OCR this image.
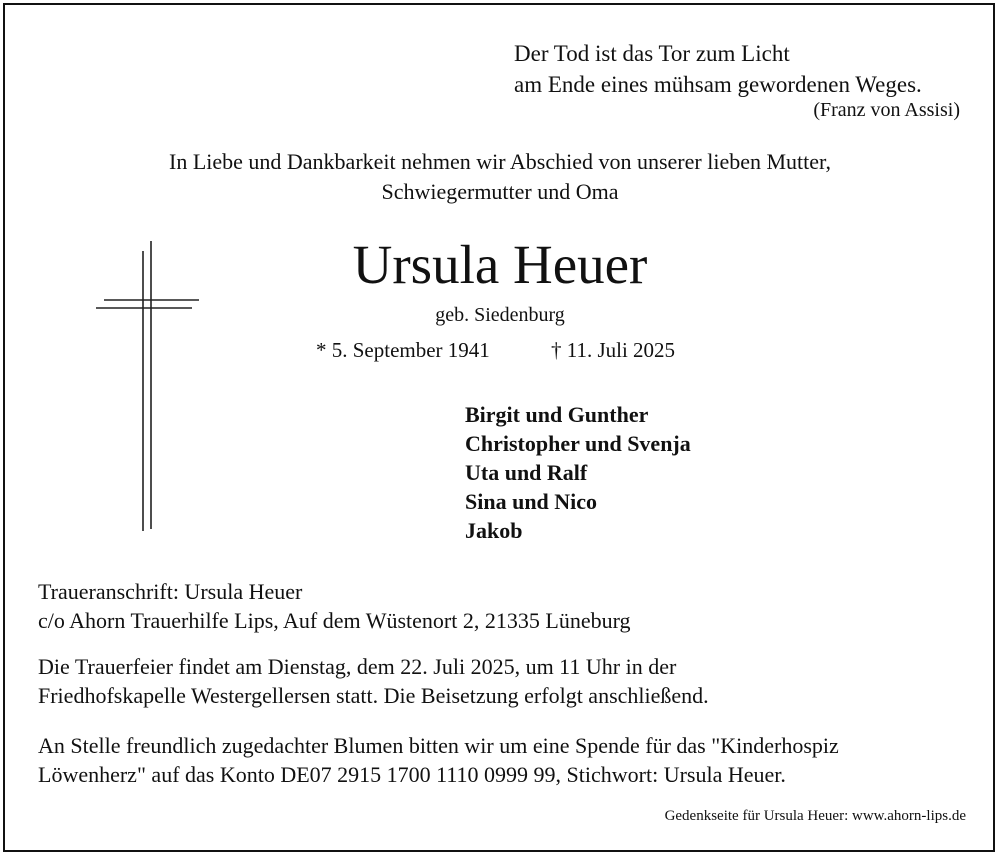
Der Tod ist das Tor zum Licht
am Ende eines mühsam gewordenen Weges.
(Franz von Assisi)
In Liebe und Dankbarkeit nehmen wir Abschied von unserer lieben Mutter,
Schwiegermutter und Oma
Ursula Heuer
geb. Siedenburg
* 5. September 1941	† 11. Juli 2025
Birgit und Gunther
Christopher und Svenja
Uta und Ralf
Sina und Nico
Jakob
Traueranschrift: Ursula Heuer
c/o Ahorn Trauerhilfe Lips, Auf dem Wüstenort 2, 21335 Lüneburg
Die Trauerfeier findet am Dienstag, dem 22. Juli 2025, um 11 Uhr in der
Friedhofskapelle Westergellersen statt. Die Beisetzung erfolgt anschließend.
An Stelle freundlich zugedachter Blumen bitten wir um eine Spende für das "Kinderhospiz
Löwenherz" auf das Konto DE07 2915 1700 1110 0999 99, Stichwort: Ursula Heuer.
Gedenkseite für Ursula Heuer: www.ahorn-lips.de
